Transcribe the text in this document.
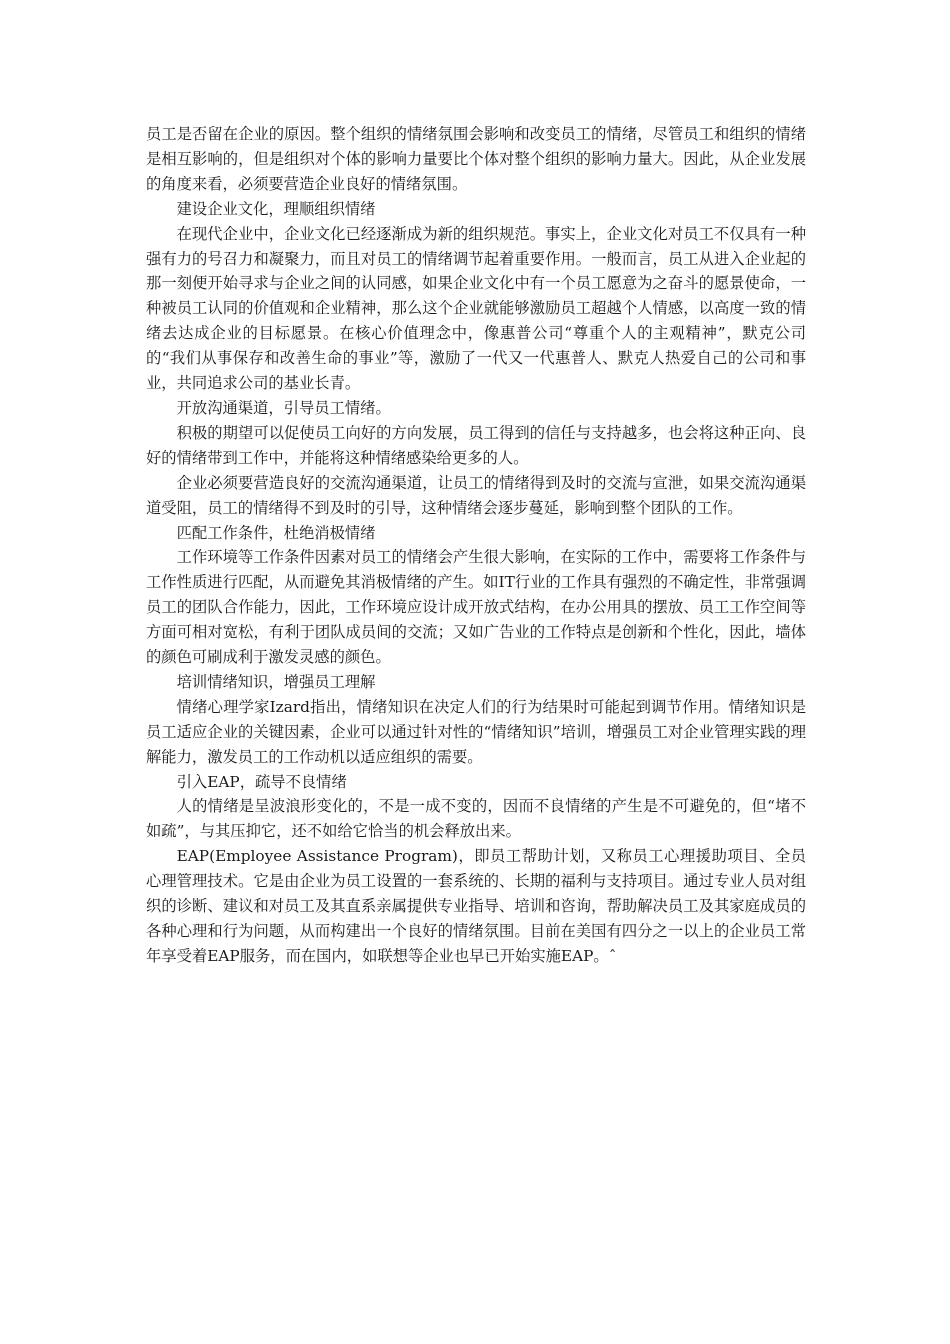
员工是否留在企业的原因。整个组织的情绪氛围会影响和改变员工的情绪，尽管员工和组织的情绪是相互影响的，但是组织对个体的影响力量要比个体对整个组织的影响力量大。因此，从企业发展的角度来看，必须要营造企业良好的情绪氛围。

建设企业文化，理顺组织情绪

在现代企业中，企业文化已经逐渐成为新的组织规范。事实上，企业文化对员工不仅具有一种强有力的号召力和凝聚力，而且对员工的情绪调节起着重要作用。一般而言，员工从进入企业起的那一刻便开始寻求与企业之间的认同感，如果企业文化中有一个员工愿意为之奋斗的愿景使命，一种被员工认同的价值观和企业精神，那么这个企业就能够激励员工超越个人情感，以高度一致的情绪去达成企业的目标愿景。在核心价值理念中，像惠普公司“尊重个人的主观精神”，默克公司的“我们从事保存和改善生命的事业”等，激励了一代又一代惠普人、默克人热爱自己的公司和事业，共同追求公司的基业长青。

开放沟通渠道，引导员工情绪。

积极的期望可以促使员工向好的方向发展，员工得到的信任与支持越多，也会将这种正向、良好的情绪带到工作中，并能将这种情绪感染给更多的人。

企业必须要营造良好的交流沟通渠道，让员工的情绪得到及时的交流与宣泄，如果交流沟通渠道受阻，员工的情绪得不到及时的引导，这种情绪会逐步蔓延，影响到整个团队的工作。

匹配工作条件，杜绝消极情绪

工作环境等工作条件因素对员工的情绪会产生很大影响，在实际的工作中，需要将工作条件与工作性质进行匹配，从而避免其消极情绪的产生。如IT行业的工作具有强烈的不确定性，非常强调员工的团队合作能力，因此，工作环境应设计成开放式结构，在办公用具的摆放、员工工作空间等方面可相对宽松，有利于团队成员间的交流；又如广告业的工作特点是创新和个性化，因此，墙体的颜色可刷成利于激发灵感的颜色。

培训情绪知识，增强员工理解

情绪心理学家Izard指出，情绪知识在决定人们的行为结果时可能起到调节作用。情绪知识是员工适应企业的关键因素，企业可以通过针对性的“情绪知识”培训，增强员工对企业管理实践的理解能力，激发员工的工作动机以适应组织的需要。

引入EAP，疏导不良情绪

人的情绪是呈波浪形变化的，不是一成不变的，因而不良情绪的产生是不可避免的，但“堵不如疏”，与其压抑它，还不如给它恰当的机会释放出来。

EAP(Employee Assistance Program)，即员工帮助计划，又称员工心理援助项目、全员心理管理技术。它是由企业为员工设置的一套系统的、长期的福利与支持项目。通过专业人员对组织的诊断、建议和对员工及其直系亲属提供专业指导、培训和咨询，帮助解决员工及其家庭成员的各种心理和行为问题，从而构建出一个良好的情绪氛围。目前在美国有四分之一以上的企业员工常年享受着EAP服务，而在国内，如联想等企业也早已开始实施EAP。ˆ
